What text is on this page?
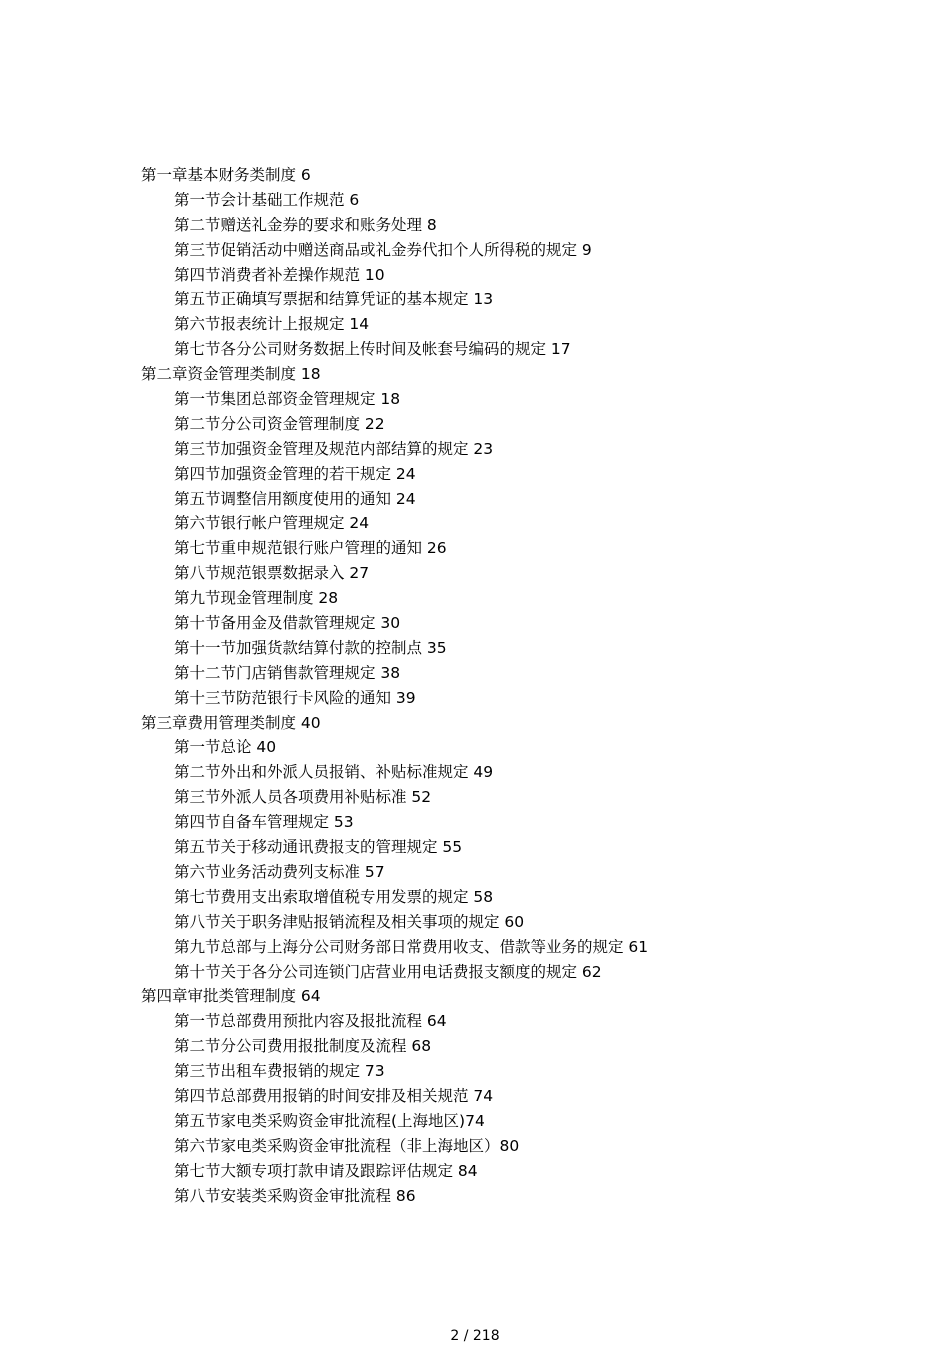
第一章基本财务类制度 6
第一节会计基础工作规范 6
第二节赠送礼金券的要求和账务处理 8
第三节促销活动中赠送商品或礼金券代扣个人所得税的规定 9
第四节消费者补差操作规范 10
第五节正确填写票据和结算凭证的基本规定 13
第六节报表统计上报规定 14
第七节各分公司财务数据上传时间及帐套号编码的规定 17
第二章资金管理类制度 18
第一节集团总部资金管理规定 18
第二节分公司资金管理制度 22
第三节加强资金管理及规范内部结算的规定 23
第四节加强资金管理的若干规定 24
第五节调整信用额度使用的通知 24
第六节银行帐户管理规定 24
第七节重申规范银行账户管理的通知 26
第八节规范银票数据录入 27
第九节现金管理制度 28
第十节备用金及借款管理规定 30
第十一节加强货款结算付款的控制点 35
第十二节门店销售款管理规定 38
第十三节防范银行卡风险的通知 39
第三章费用管理类制度 40
第一节总论 40
第二节外出和外派人员报销、补贴标准规定 49
第三节外派人员各项费用补贴标准 52
第四节自备车管理规定 53
第五节关于移动通讯费报支的管理规定 55
第六节业务活动费列支标准 57
第七节费用支出索取增值税专用发票的规定 58
第八节关于职务津贴报销流程及相关事项的规定 60
第九节总部与上海分公司财务部日常费用收支、借款等业务的规定 61
第十节关于各分公司连锁门店营业用电话费报支额度的规定 62
第四章审批类管理制度 64
第一节总部费用预批内容及报批流程 64
第二节分公司费用报批制度及流程 68
第三节出租车费报销的规定 73
第四节总部费用报销的时间安排及相关规范 74
第五节家电类采购资金审批流程(上海地区)74
第六节家电类采购资金审批流程（非上海地区）80
第七节大额专项打款申请及跟踪评估规定 84
第八节安装类采购资金审批流程 86
2 / 218
